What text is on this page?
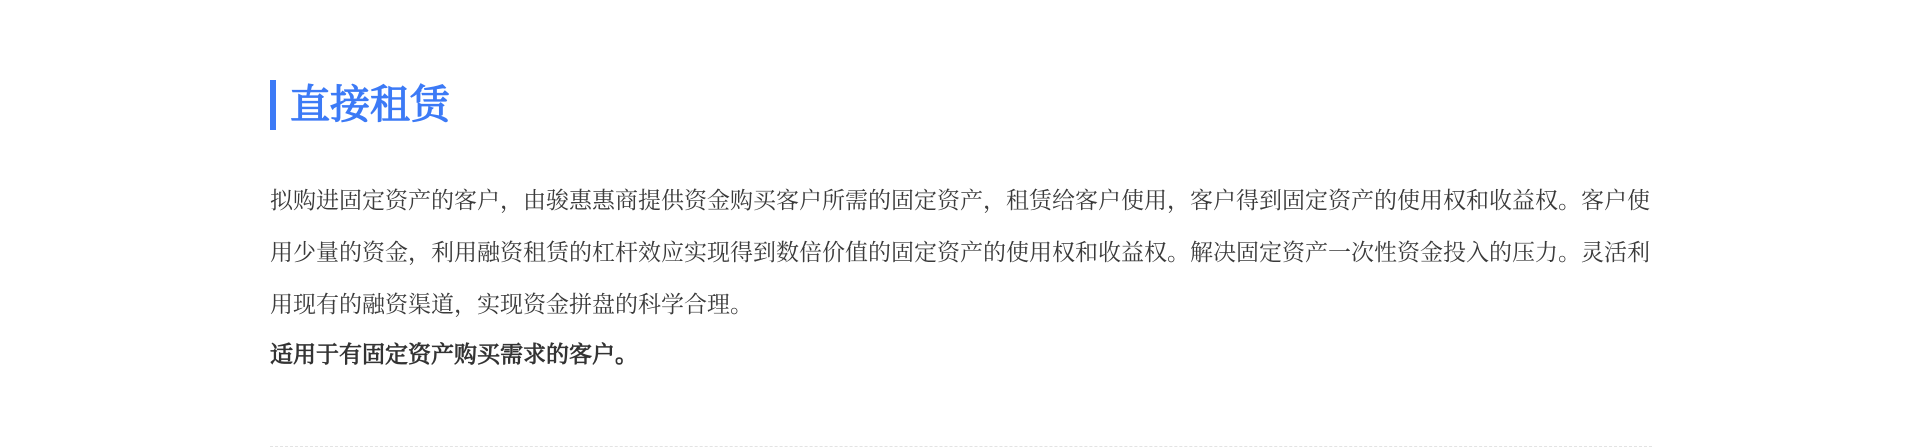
直接租赁

拟购进固定资产的客户，由骏惠惠商提供资金购买客户所需的固定资产，租赁给客户使用，客户得到固定资产的使用权和收益权。客户使用少量的资金，利用融资租赁的杠杆效应实现得到数倍价值的固定资产的使用权和收益权。解决固定资产一次性资金投入的压力。灵活利用现有的融资渠道，实现资金拼盘的科学合理。

适用于有固定资产购买需求的客户。
